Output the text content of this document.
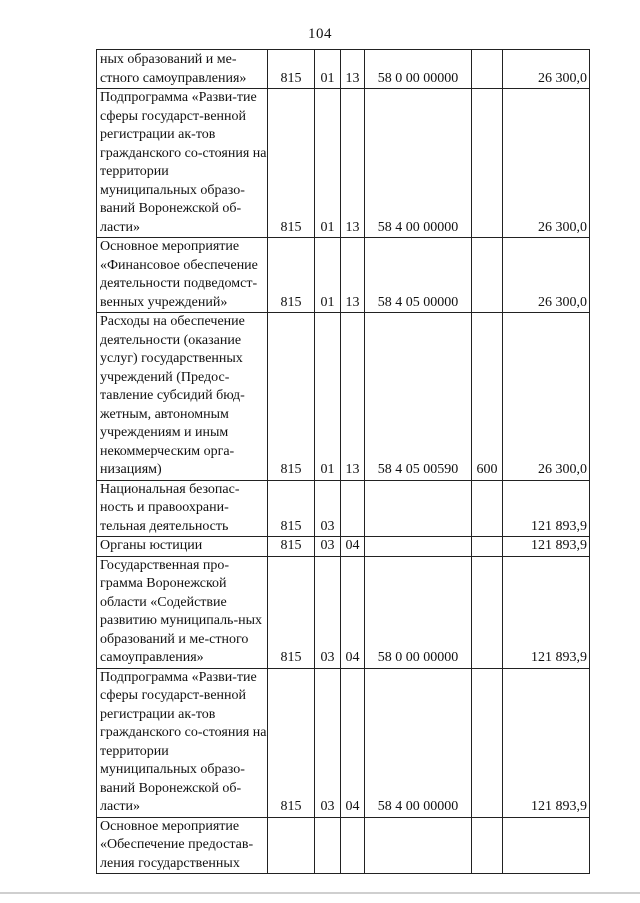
104
ных образований и ме-стного самоуправления»	815	01	13	58 0 00 00000		26 300,0
Подпрограмма «Разви-тие сферы государст-венной регистрации ак-тов гражданского со-стояния на территории муниципальных образо-ваний Воронежской об-ласти»	815	01	13	58 4 00 00000		26 300,0
Основное мероприятие «Финансовое обеспечение деятельности подведомст-венных учреждений»	815	01	13	58 4 05 00000		26 300,0
Расходы на обеспечение деятельности (оказание услуг) государственных учреждений (Предос-тавление субсидий бюд-жетным, автономным учреждениям и иным некоммерческим орга-низациям)	815	01	13	58 4 05 00590	600	26 300,0
Национальная безопас-ность и правоохрани-тельная деятельность	815	03				121 893,9
Органы юстиции	815	03	04			121 893,9
Государственная про-грамма Воронежской области «Содействие развитию муниципаль-ных образований и ме-стного самоуправления»	815	03	04	58 0 00 00000		121 893,9
Подпрограмма «Разви-тие сферы государст-венной регистрации ак-тов гражданского со-стояния на территории муниципальных образо-ваний Воронежской об-ласти»	815	03	04	58 4 00 00000		121 893,9
Основное мероприятие «Обеспечение предостав-ления государственных						
